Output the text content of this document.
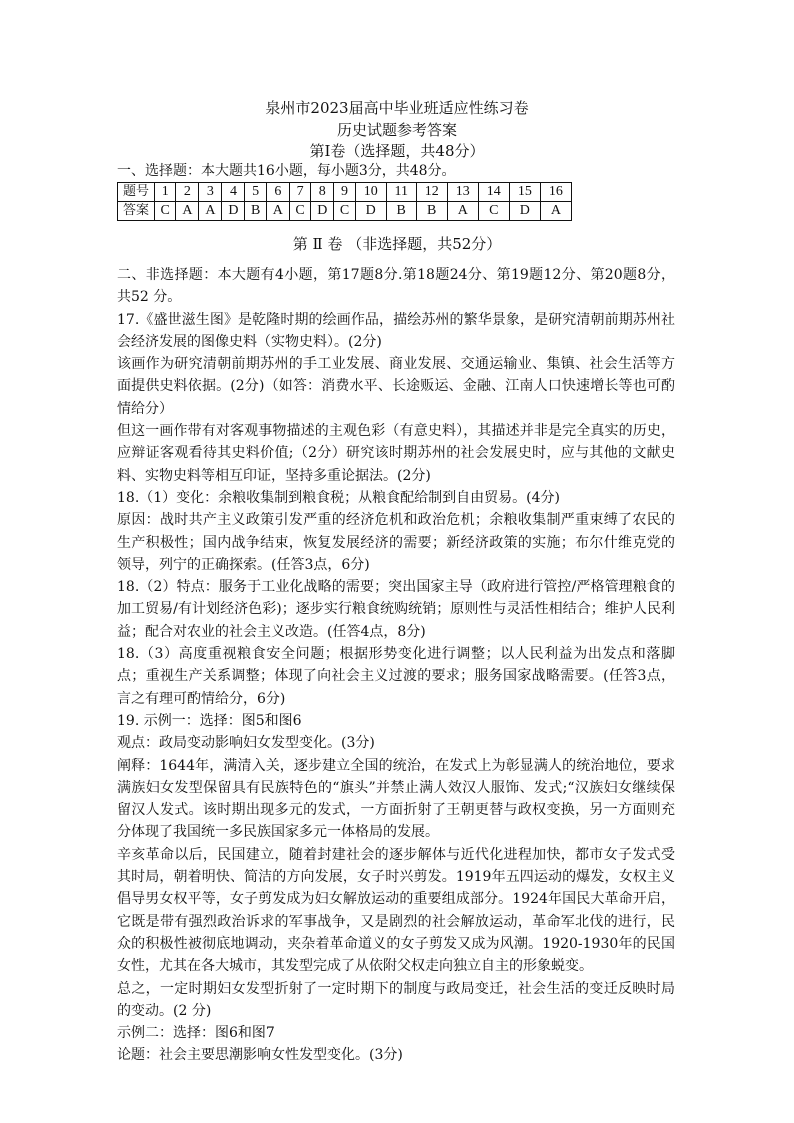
泉州市2023届高中毕业班适应性练习卷
历史试题参考答案
第Ⅰ卷（选择题，共48分）
一、选择题：本大题共16小题，每小题3分，共48分。
题号	1	2	3	4	5	6	7	8	9	10	11	12	13	14	15	16
答案	C	A	A	D	B	A	C	D	C	D	B	B	A	C	D	A
第 Ⅱ 卷 （非选择题，共52分）

二、非选择题：本大题有4小题，第17题8分.第18题24分、第19题12分、第20题8分，共52 分。

17.《盛世滋生图》是乾隆时期的绘画作品，描绘苏州的繁华景象，是研究清朝前期苏州社会经济发展的图像史料（实物史料）。(2分)

该画作为研究清朝前期苏州的手工业发展、商业发展、交通运输业、集镇、社会生活等方面提供史料依据。(2分)（如答：消费水平、长途贩运、金融、江南人口快速增长等也可酌情给分）

但这一画作带有对客观事物描述的主观色彩（有意史料），其描述并非是完全真实的历史，应辩证客观看待其史料价值;（2分）研究该时期苏州的社会发展史时，应与其他的文献史料、实物史料等相互印证，坚持多重论据法。(2分)

18.（1）变化：余粮收集制到粮食税；从粮食配给制到自由贸易。(4分)

原因：战时共产主义政策引发严重的经济危机和政治危机；余粮收集制严重束缚了农民的生产积极性；国内战争结束，恢复发展经济的需要；新经济政策的实施；布尔什维克党的领导，列宁的正确探索。(任答3点，6分)

18.（2）特点：服务于工业化战略的需要；突出国家主导（政府进行管控/严格管理粮食的加工贸易/有计划经济色彩)；逐步实行粮食统购统销；原则性与灵活性相结合；维护人民利益；配合对农业的社会主义改造。(任答4点，8分)

18.（3）高度重视粮食安全问题；根据形势变化进行调整；以人民利益为出发点和落脚点；重视生产关系调整；体现了向社会主义过渡的要求；服务国家战略需要。(任答3点，言之有理可酌情给分，6分)

19. 示例一：选择：图5和图6

观点：政局变动影响妇女发型变化。(3分)

阐释：1644年，满清入关，逐步建立全国的统治，在发式上为彰显满人的统治地位，要求满族妇女发型保留具有民族特色的“旗头”并禁止满人效汉人服饰、发式;“汉族妇女继续保留汉人发式。该时期出现多元的发式，一方面折射了王朝更替与政权变换，另一方面则充分体现了我国统一多民族国家多元一体格局的发展。

辛亥革命以后，民国建立，随着封建社会的逐步解体与近代化进程加快，都市女子发式受其时局，朝着明快、简洁的方向发展，女子时兴剪发。1919年五四运动的爆发，女权主义倡导男女权平等，女子剪发成为妇女解放运动的重要组成部分。1924年国民大革命开启，它既是带有强烈政治诉求的军事战争，又是剧烈的社会解放运动，革命军北伐的进行，民众的积极性被彻底地调动，夹杂着革命道义的女子剪发又成为风潮。1920-1930年的民国女性，尤其在各大城市，其发型完成了从依附父权走向独立自主的形象蜕变。

总之，一定时期妇女发型折射了一定时期下的制度与政局变迁，社会生活的变迁反映时局的变动。(2 分)

示例二：选择：图6和图7

论题：社会主要思潮影响女性发型变化。(3分)
